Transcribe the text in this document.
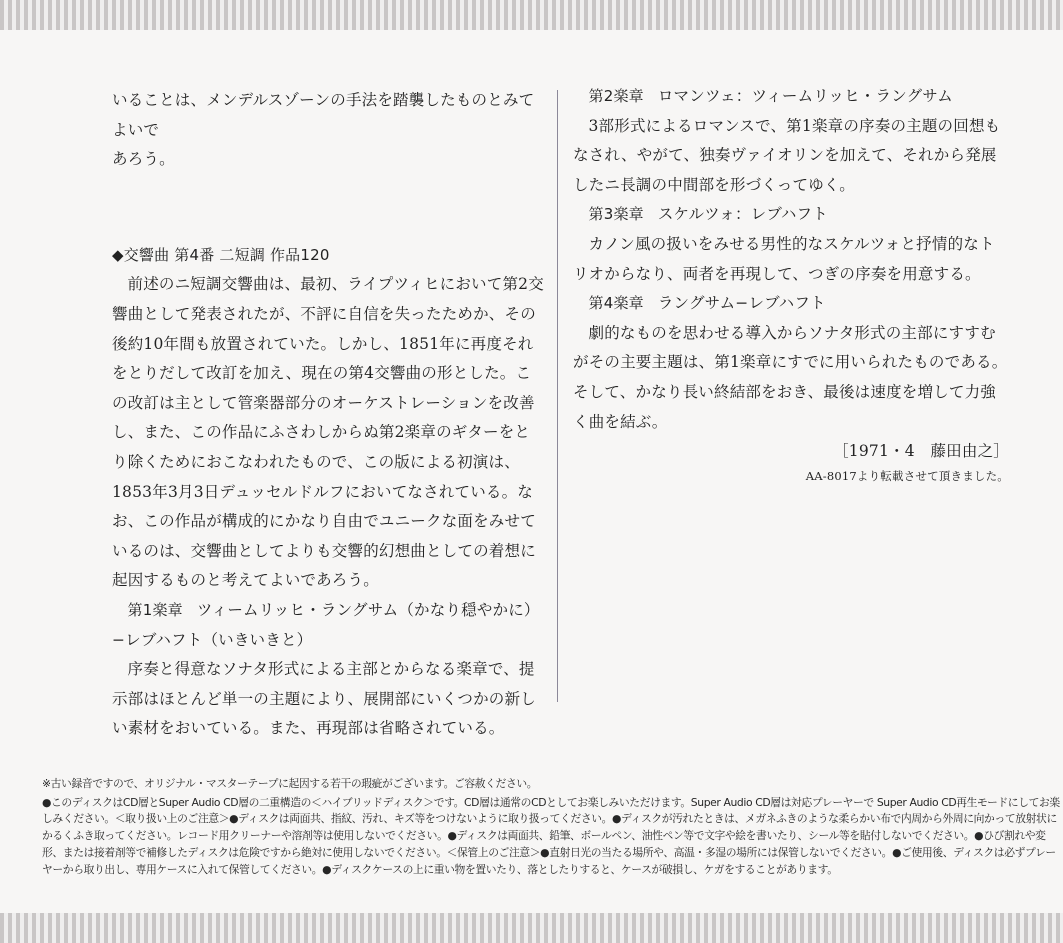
いることは、メンデルスゾーンの手法を踏襲したものとみてよいで

あろう。

◆交響曲 第4番 二短調 作品120

前述のニ短調交響曲は、最初、ライプツィヒにおいて第2交響曲として発表されたが、不評に自信を失ったためか、その後約10年間も放置されていた。しかし、1851年に再度それをとりだして改訂を加え、現在の第4交響曲の形とした。この改訂は主として管楽器部分のオーケストレーションを改善し、また、この作品にふさわしからぬ第2楽章のギターをとり除くためにおこなわれたもので、この版による初演は、1853年3月3日デュッセルドルフにおいてなされている。なお、この作品が構成的にかなり自由でユニークな面をみせているのは、交響曲としてよりも交響的幻想曲としての着想に起因するものと考えてよいであろう。

第1楽章 ツィームリッヒ・ラングサム（かなり穏やかに）−レブハフト（いきいきと）

序奏と得意なソナタ形式による主部とからなる楽章で、提示部はほとんど単一の主題により、展開部にいくつかの新しい素材をおいている。また、再現部は省略されている。

第2楽章 ロマンツェ：ツィームリッヒ・ラングサム

3部形式によるロマンスで、第1楽章の序奏の主題の回想もなされ、やがて、独奏ヴァイオリンを加えて、それから発展したニ長調の中間部を形づくってゆく。

第3楽章 スケルツォ：レブハフト

カノン風の扱いをみせる男性的なスケルツォと抒情的なトリオからなり、両者を再現して、つぎの序奏を用意する。

第4楽章 ラングサム−レブハフト

劇的なものを思わせる導入からソナタ形式の主部にすすむがその主要主題は、第1楽章にすでに用いられたものである。そして、かなり長い終結部をおき、最後は速度を増して力強く曲を結ぶ。

［1971・4　藤田由之］

AA-8017より転載させて頂きました。

※古い録音ですので、オリジナル・マスターテープに起因する若干の瑕疵がございます。ご容赦ください。

●このディスクはCD層とSuper Audio CD層の二重構造の＜ハイブリッドディスク＞です。CD層は通常のCDとしてお楽しみいただけます。Super Audio CD層は対応プレーヤーで Super Audio CD再生モードにしてお楽しみください。＜取り扱い上のご注意＞●ディスクは両面共、指紋、汚れ、キズ等をつけないように取り扱ってください。●ディスクが汚れたときは、メガネふきのような柔らかい布で内周から外周に向かって放射状にかるくふき取ってください。レコード用クリーナーや溶剤等は使用しないでください。●ディスクは両面共、鉛筆、ボールペン、油性ペン等で文字や絵を書いたり、シール等を貼付しないでください。●ひび割れや変形、または接着剤等で補修したディスクは危険ですから絶対に使用しないでください。＜保管上のご注意＞●直射日光の当たる場所や、高温・多湿の場所には保管しないでください。●ご使用後、ディスクは必ずプレーヤーから取り出し、専用ケースに入れて保管してください。●ディスクケースの上に重い物を置いたり、落としたりすると、ケースが破損し、ケガをすることがあります。
